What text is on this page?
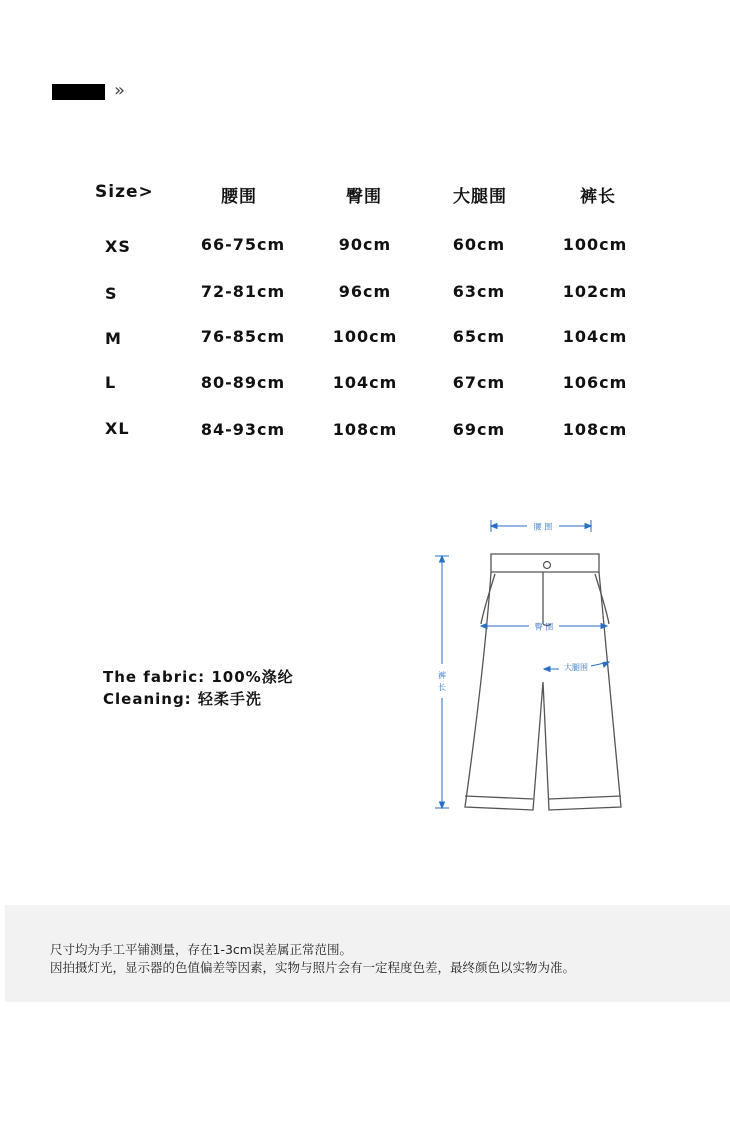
»
Size>	腰围	臀围	大腿围	裤长
XS	66-75cm	90cm	60cm	100cm
S	72-81cm	96cm	63cm	102cm
M	76-85cm	100cm	65cm	104cm
L	80-89cm	104cm	67cm	106cm
XL	84-93cm	108cm	69cm	108cm
The fabric: 100%涤纶
Cleaning: 轻柔手洗
腰 围
臀 围
大腿围
裤
长
尺寸均为手工平铺测量，存在1-3cm误差属正常范围。
因拍摄灯光，显示器的色值偏差等因素，实物与照片会有一定程度色差，最终颜色以实物为准。
